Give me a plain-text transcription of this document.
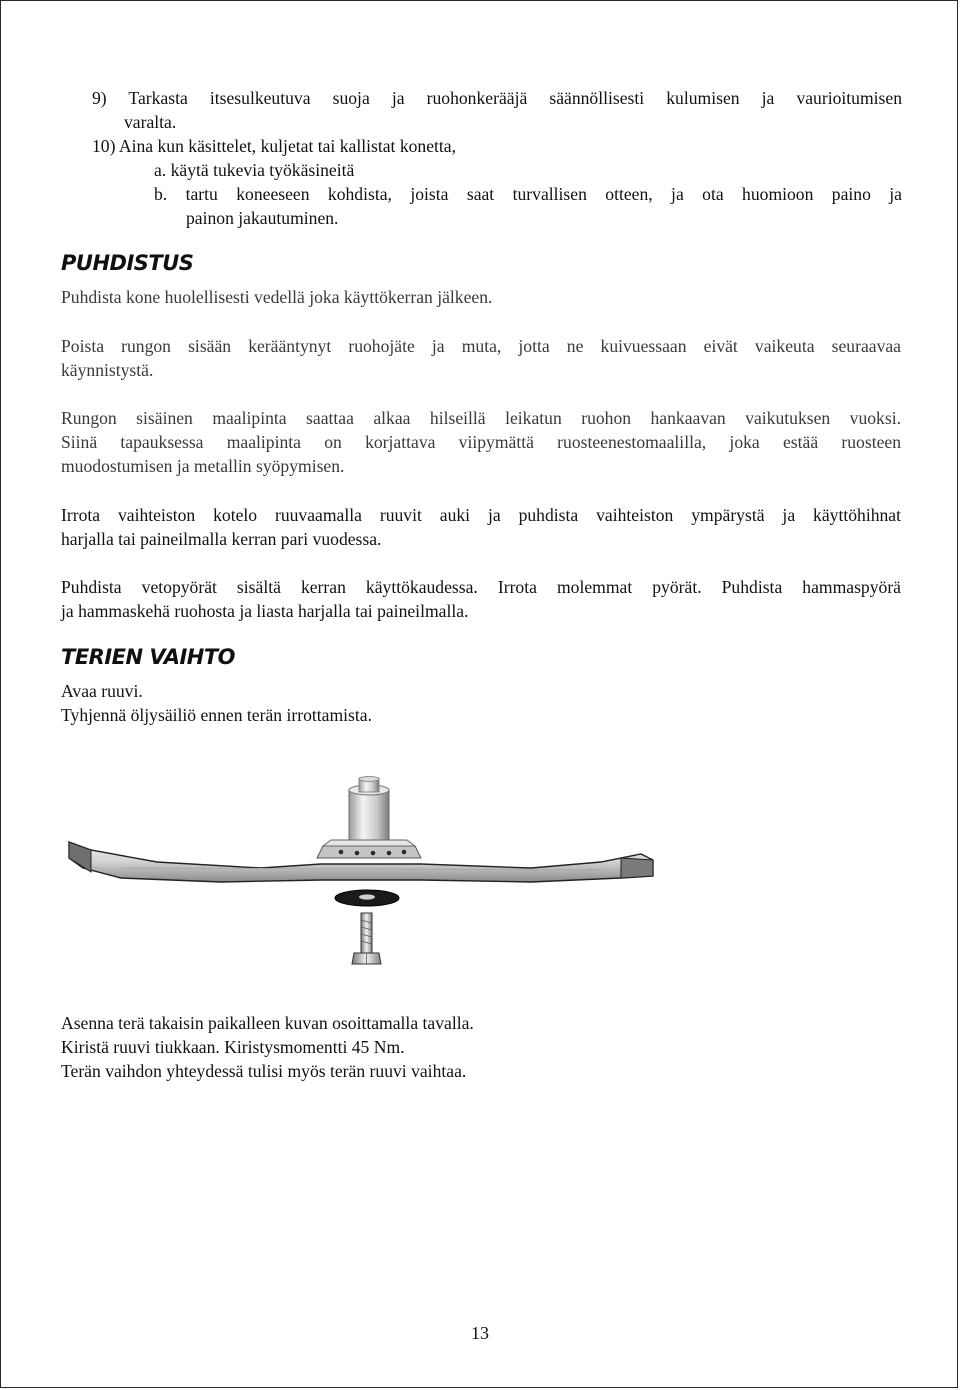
9) Tarkasta itsesulkeutuva suoja ja ruohonkerääjä säännöllisesti kulumisen ja vaurioitumisen
varalta.
10) Aina kun käsittelet, kuljetat tai kallistat konetta,
a. käytä tukevia työkäsineitä
b. tartu koneeseen kohdista, joista saat turvallisen otteen, ja ota huomioon paino ja
painon jakautuminen.
PUHDISTUS
Puhdista kone huolellisesti vedellä joka käyttökerran jälkeen.
Poista rungon sisään kerääntynyt ruohojäte ja muta, jotta ne kuivuessaan eivät vaikeuta seuraavaa
käynnistystä.
Rungon sisäinen maalipinta saattaa alkaa hilseillä leikatun ruohon hankaavan vaikutuksen vuoksi.
Siinä tapauksessa maalipinta on korjattava viipymättä ruosteenestomaalilla, joka estää ruosteen
muodostumisen ja metallin syöpymisen.
Irrota vaihteiston kotelo ruuvaamalla ruuvit auki ja puhdista vaihteiston ympärystä ja käyttöhihnat
harjalla tai paineilmalla kerran pari vuodessa.
Puhdista vetopyörät sisältä kerran käyttökaudessa. Irrota molemmat pyörät. Puhdista hammaspyörä
ja hammaskehä ruohosta ja liasta harjalla tai paineilmalla.
TERIEN VAIHTO
Avaa ruuvi.
Tyhjennä öljysäiliö ennen terän irrottamista.
Asenna terä takaisin paikalleen kuvan osoittamalla tavalla.
Kiristä ruuvi tiukkaan. Kiristysmomentti 45 Nm.
Terän vaihdon yhteydessä tulisi myös terän ruuvi vaihtaa.
13
